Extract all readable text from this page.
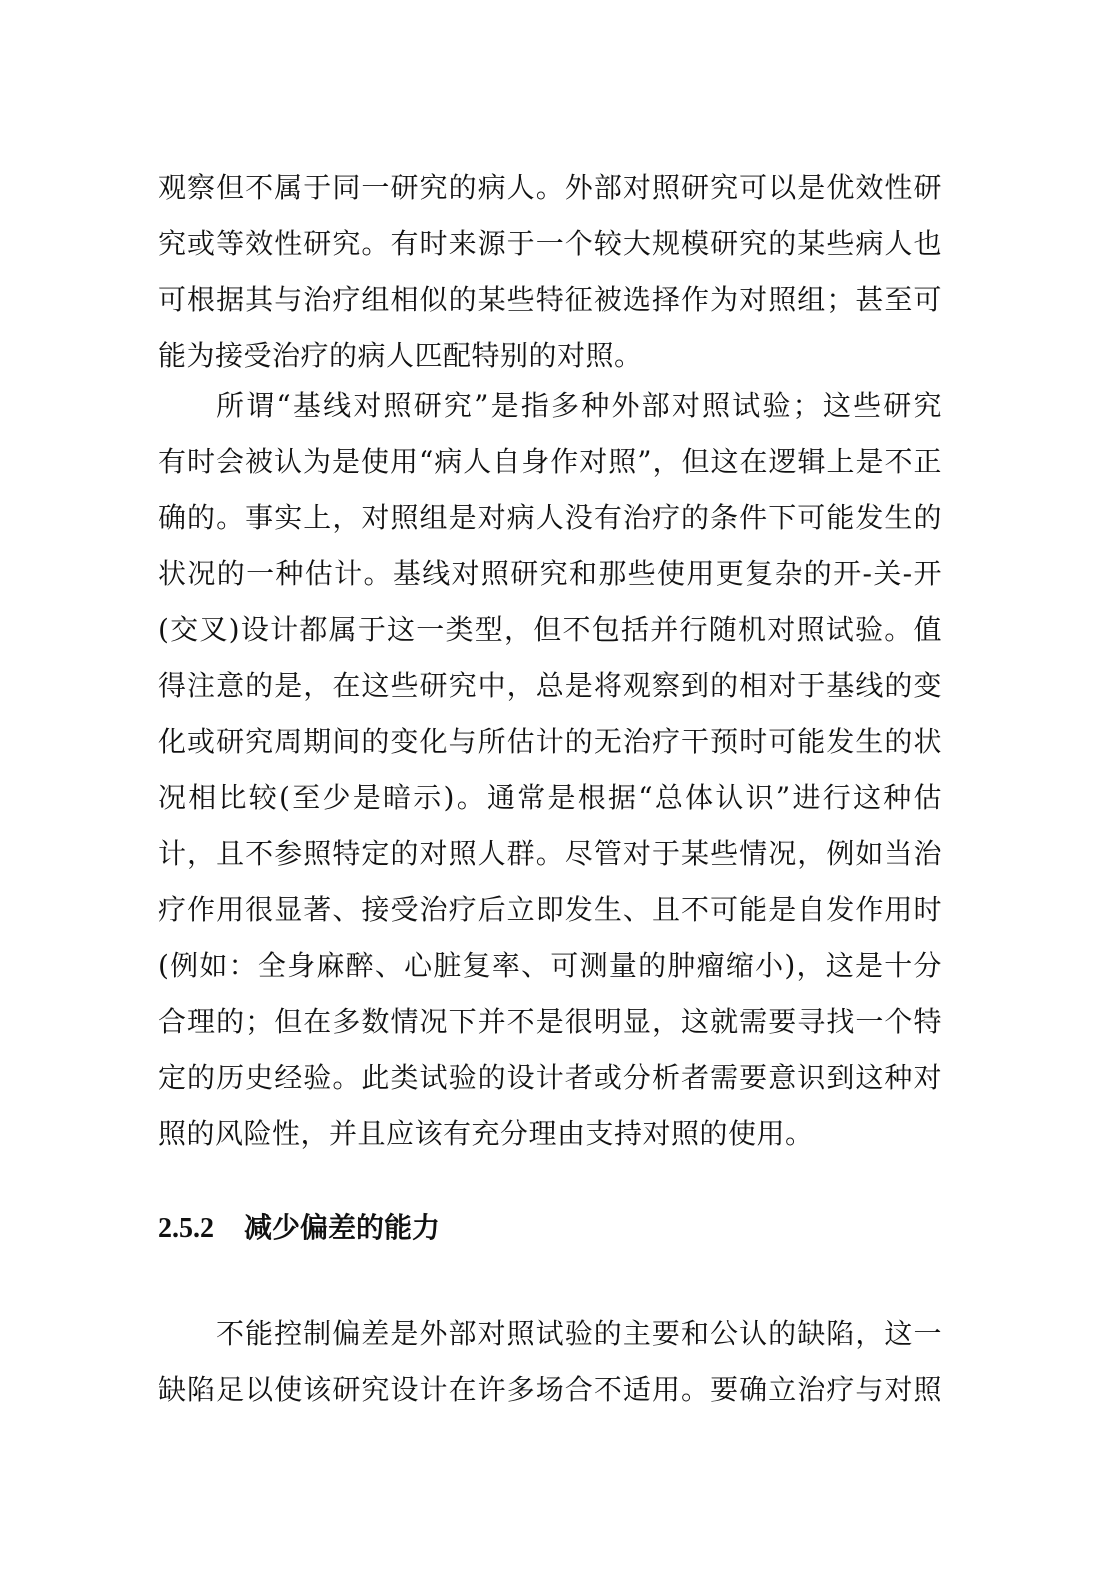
观察但不属于同一研究的病人。外部对照研究可以是优效性研
究或等效性研究。有时来源于一个较大规模研究的某些病人也
可根据其与治疗组相似的某些特征被选择作为对照组；甚至可
能为接受治疗的病人匹配特别的对照。
所谓“基线对照研究”是指多种外部对照试验；这些研究
有时会被认为是使用“病人自身作对照”，但这在逻辑上是不正
确的。事实上，对照组是对病人没有治疗的条件下可能发生的
状况的一种估计。基线对照研究和那些使用更复杂的开-关-开
(交叉)设计都属于这一类型，但不包括并行随机对照试验。值
得注意的是，在这些研究中，总是将观察到的相对于基线的变
化或研究周期间的变化与所估计的无治疗干预时可能发生的状
况相比较(至少是暗示)。通常是根据“总体认识”进行这种估
计，且不参照特定的对照人群。尽管对于某些情况，例如当治
疗作用很显著、接受治疗后立即发生、且不可能是自发作用时
(例如：全身麻醉、心脏复率、可测量的肿瘤缩小)，这是十分
合理的；但在多数情况下并不是很明显，这就需要寻找一个特
定的历史经验。此类试验的设计者或分析者需要意识到这种对
照的风险性，并且应该有充分理由支持对照的使用。
2.5.2 减少偏差的能力
不能控制偏差是外部对照试验的主要和公认的缺陷，这一
缺陷足以使该研究设计在许多场合不适用。要确立治疗与对照
